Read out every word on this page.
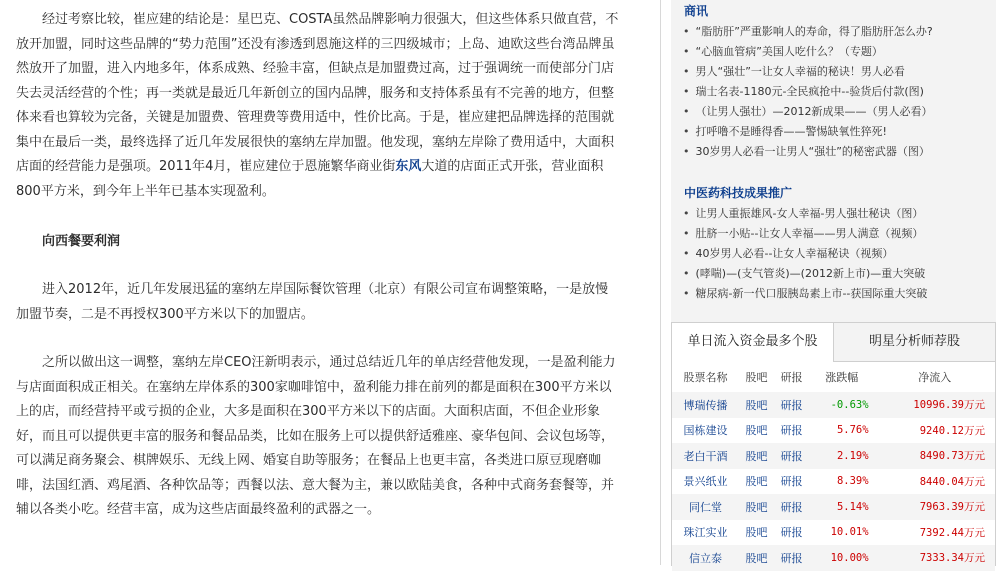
经过考察比较，崔应建的结论是：星巴克、COSTA虽然品牌影响力很强大，但这些体系只做直营，不放开加盟，同时这些品牌的“势力范围”还没有渗透到恩施这样的三四级城市；上岛、迪欧这些台湾品牌虽然放开了加盟，进入内地多年，体系成熟、经验丰富，但缺点是加盟费过高，过于强调统一而使部分门店失去灵活经营的个性；再一类就是最近几年新创立的国内品牌，服务和支持体系虽有不完善的地方，但整体来看也算较为完备，关键是加盟费、管理费等费用适中，性价比高。于是，崔应建把品牌选择的范围就集中在最后一类，最终选择了近几年发展很快的塞纳左岸加盟。他发现，塞纳左岸除了费用适中，大面积店面的经营能力是强项。2011年4月，崔应建位于恩施繁华商业街东风大道的店面正式开张，营业面积800平方米，到今年上半年已基本实现盈利。

向西餐要利润

进入2012年，近几年发展迅猛的塞纳左岸国际餐饮管理（北京）有限公司宣布调整策略，一是放慢加盟节奏，二是不再授权300平方米以下的加盟店。

之所以做出这一调整，塞纳左岸CEO汪新明表示，通过总结近几年的单店经营他发现，一是盈利能力与店面面积成正相关。在塞纳左岸体系的300家咖啡馆中，盈利能力排在前列的都是面积在300平方米以上的店，而经营持平或亏损的企业，大多是面积在300平方米以下的店面。大面积店面，不但企业形象好，而且可以提供更丰富的服务和餐品品类，比如在服务上可以提供舒适雅座、豪华包间、会议包场等，可以满足商务聚会、棋牌娱乐、无线上网、婚宴自助等服务；在餐品上也更丰富，各类进口原豆现磨咖啡，法国红酒、鸡尾酒、各种饮品等；西餐以法、意大餐为主，兼以欧陆美食，各种中式商务套餐等，并辅以各类小吃。经营丰富，成为这些店面最终盈利的武器之一。

商讯
• “脂肪肝”严重影响人的寿命，得了脂肪肝怎么办?
• “心脑血管病”美国人吃什么？（专题）
• 男人“强壮”一让女人幸福的秘诀！男人必看
• 瑞士名表-1180元-全民疯抢中--验货后付款(图)
• （让男人强壮）—2012新成果——（男人必看）
• 打呼噜不是睡得香——警惕缺氧性猝死!
• 30岁男人必看一让男人“强壮”的秘密武器（图）
中医药科技成果推广
• 让男人重振雄风-女人幸福-男人强壮秘诀（图）
• 肚脐一小贴--让女人幸福——男人满意（视频）
• 40岁男人必看--让女人幸福秘诀（视频）
• (哮喘)—(支气管炎)—(2012新上市)—重大突破
• 糖尿病-新一代口服胰岛素上市--获国际重大突破
单日流入资金最多个股	明星分析师荐股
股票名称	股吧	研报	涨跌幅	净流入
博瑞传播	股吧	研报	-0.63%	10996.39万元
国栋建设	股吧	研报	5.76%	9240.12万元
老白干酒	股吧	研报	2.19%	8490.73万元
景兴纸业	股吧	研报	8.39%	8440.04万元
同仁堂	股吧	研报	5.14%	7963.39万元
珠江实业	股吧	研报	10.01%	7392.44万元
信立泰	股吧	研报	10.00%	7333.34万元
